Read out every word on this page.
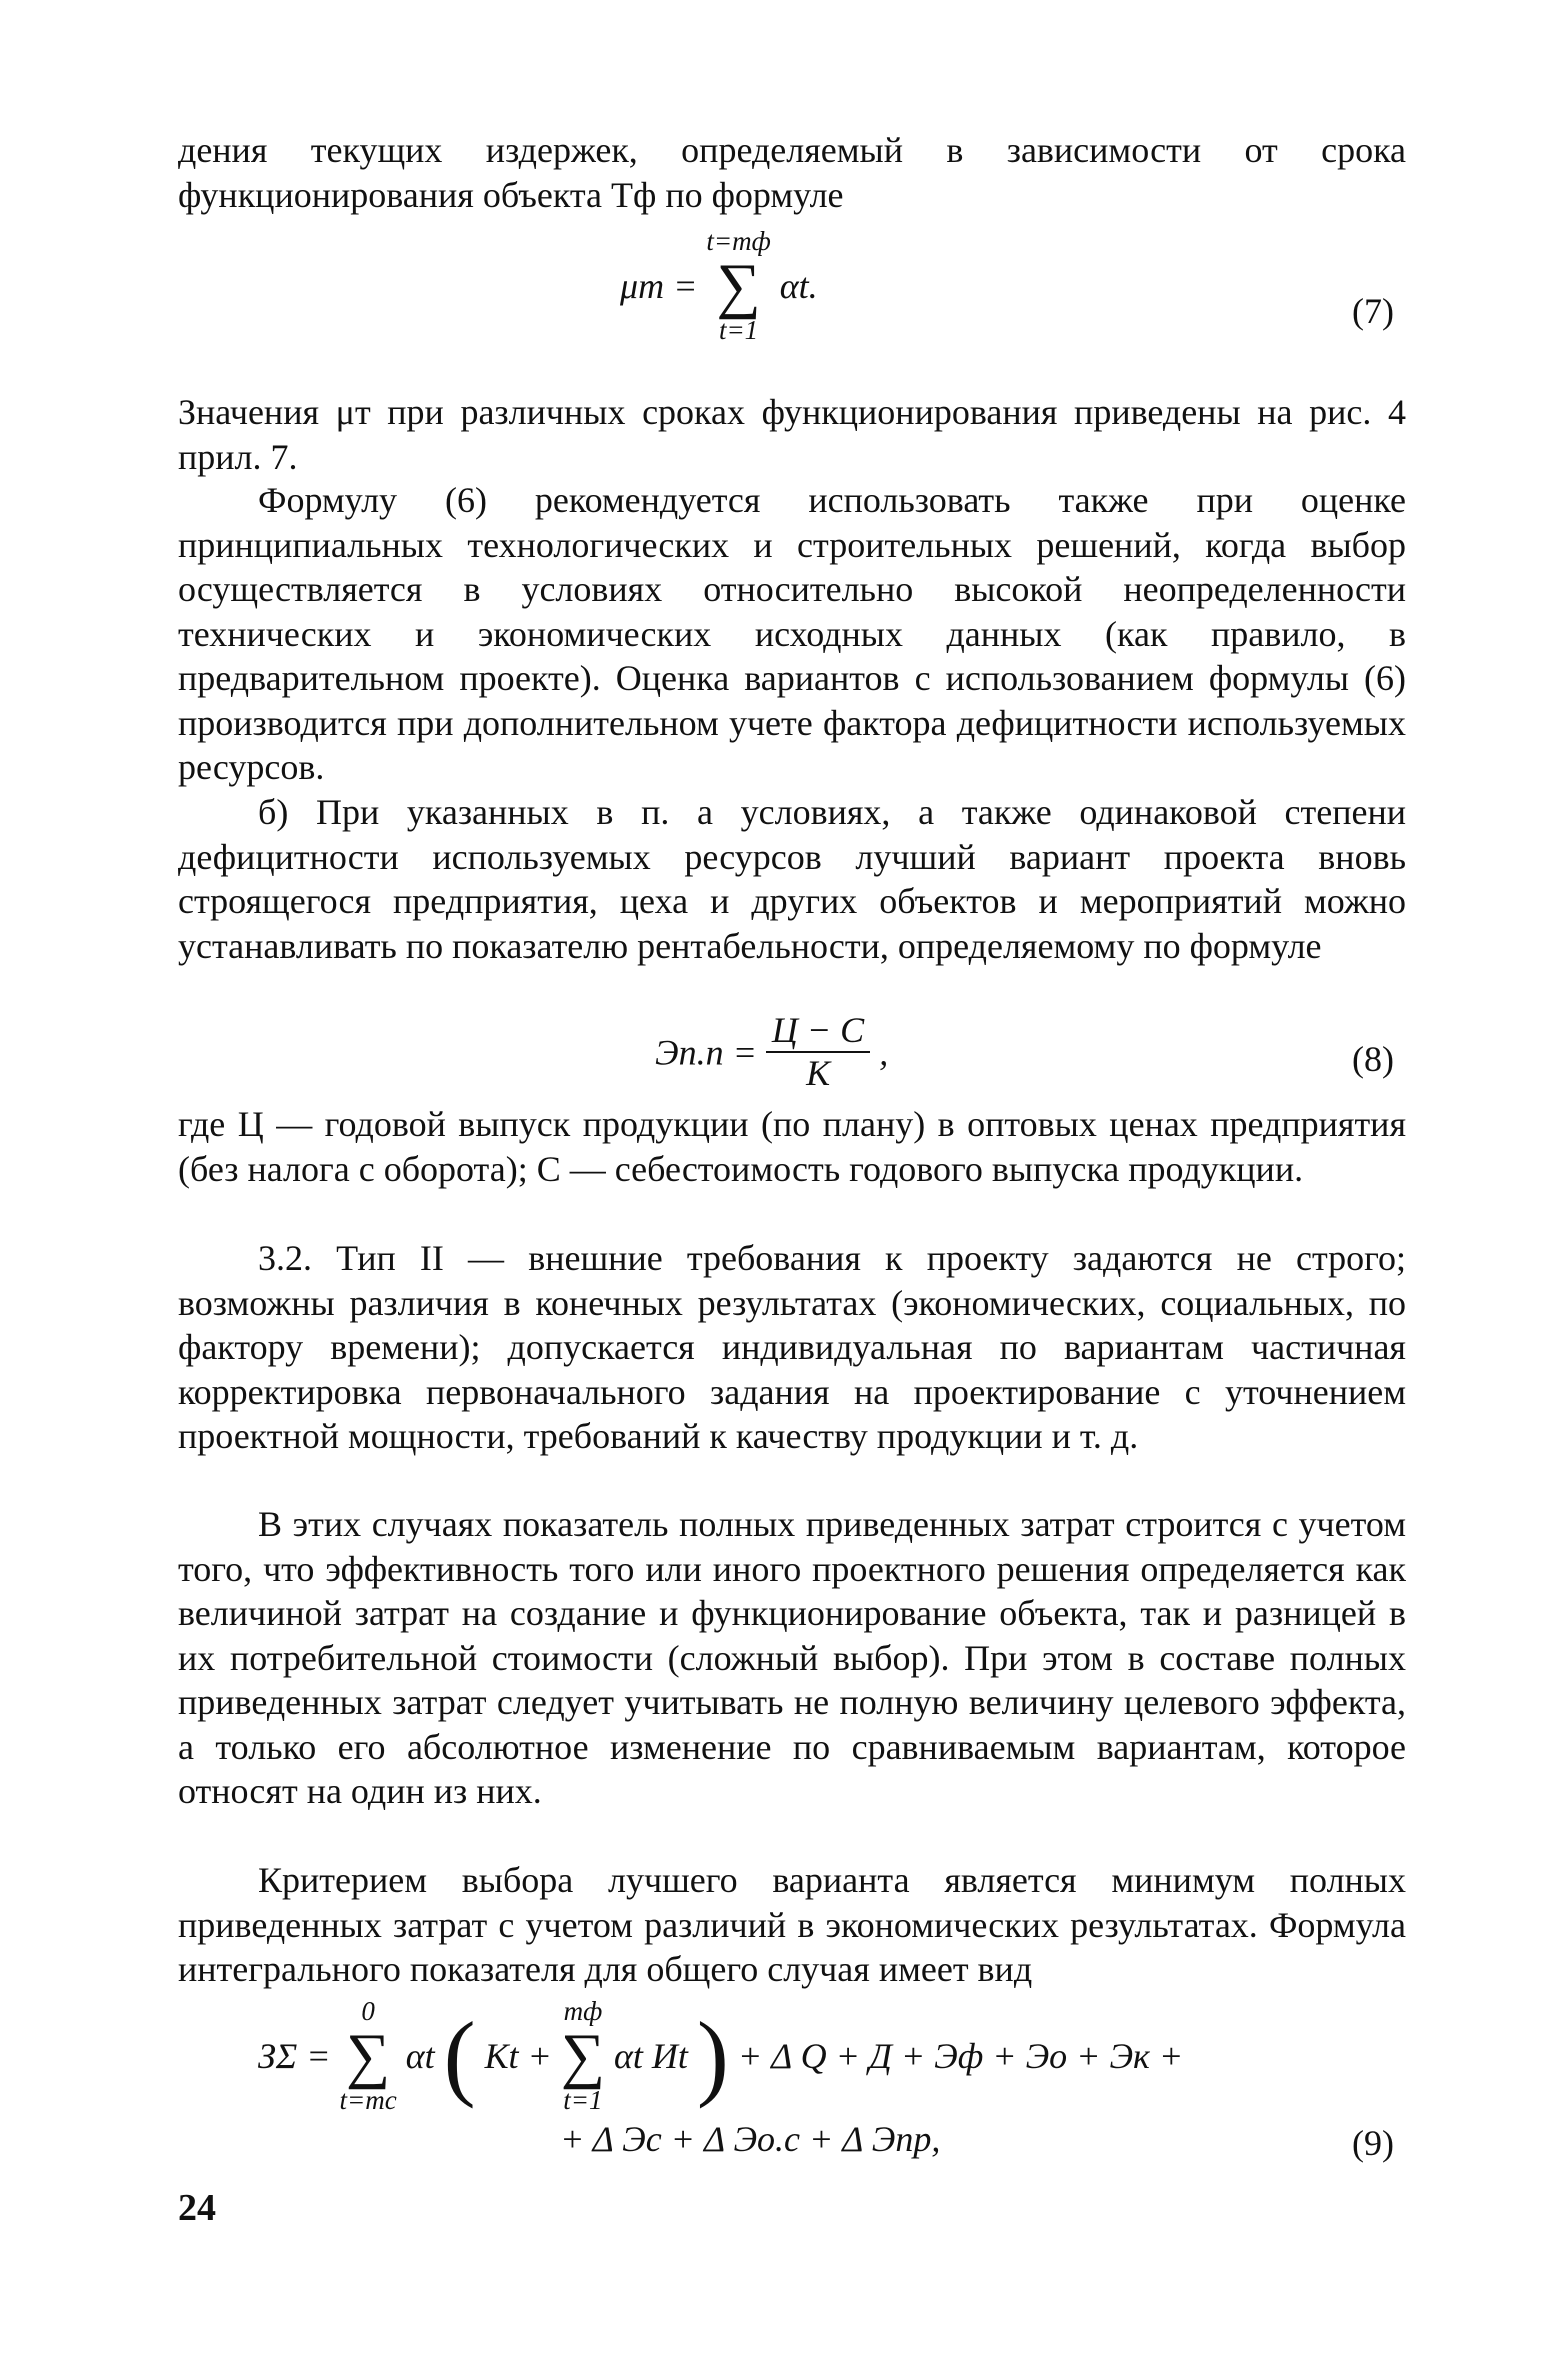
дения текущих издержек, определяемый в зависимости от срока функционирования объекта Тф по формуле

μт =
t=тф
∑
t=1
αt.
(7)

Значения μт при различных сроках функционирования приведены на рис. 4 прил. 7.

Формулу (6) рекомендуется использовать также при оценке принципиальных технологических и строительных решений, когда выбор осуществляется в условиях относительно высокой неопределенности технических и экономических исходных данных (как правило, в предварительном проекте). Оценка вариантов с использованием формулы (6) производится при дополнительном учете фактора дефицитности используемых ресурсов.

б) При указанных в п. а условиях, а также одинаковой степени дефицитности используемых ресурсов лучший вариант проекта вновь строящегося предприятия, цеха и других объектов и мероприятий можно устанавливать по показателю рентабельности, определяемому по формуле

$Эп.п = \frac{Ц - С}{К}$ ,	(8)

где Ц — годовой выпуск продукции (по плану) в оптовых ценах предприятия (без налога с оборота); С — себестоимость годового выпуска продукции.

3.2. Тип II — внешние требования к проекту задаются не строго; возможны различия в конечных результатах (экономических, социальных, по фактору времени); допускается индивидуальная по вариантам частичная корректировка первоначального задания на проектирование с уточнением проектной мощности, требований к качеству продукции и т. д.

В этих случаях показатель полных приведенных затрат строится с учетом того, что эффективность того или иного проектного решения определяется как величиной затрат на создание и функционирование объекта, так и разницей в их потребительной стоимости (сложный выбор). При этом в составе полных приведенных затрат следует учитывать не полную величину целевого эффекта, а только его абсолютное изменение по сравниваемым вариантам, которое относят на один из них.

Критерием выбора лучшего варианта является минимум полных приведенных затрат с учетом различий в экономических результатах. Формула интегрального показателя для общего случая имеет вид

ЗΣ =
0
∑
t=тс
αt ( Кt +
тф
∑
t=1
αt Иt ) + Δ Q + Д + Эф + Эо + Эк +
+ Δ Эс + Δ Эо.с + Δ Эпр,	(9)
24
